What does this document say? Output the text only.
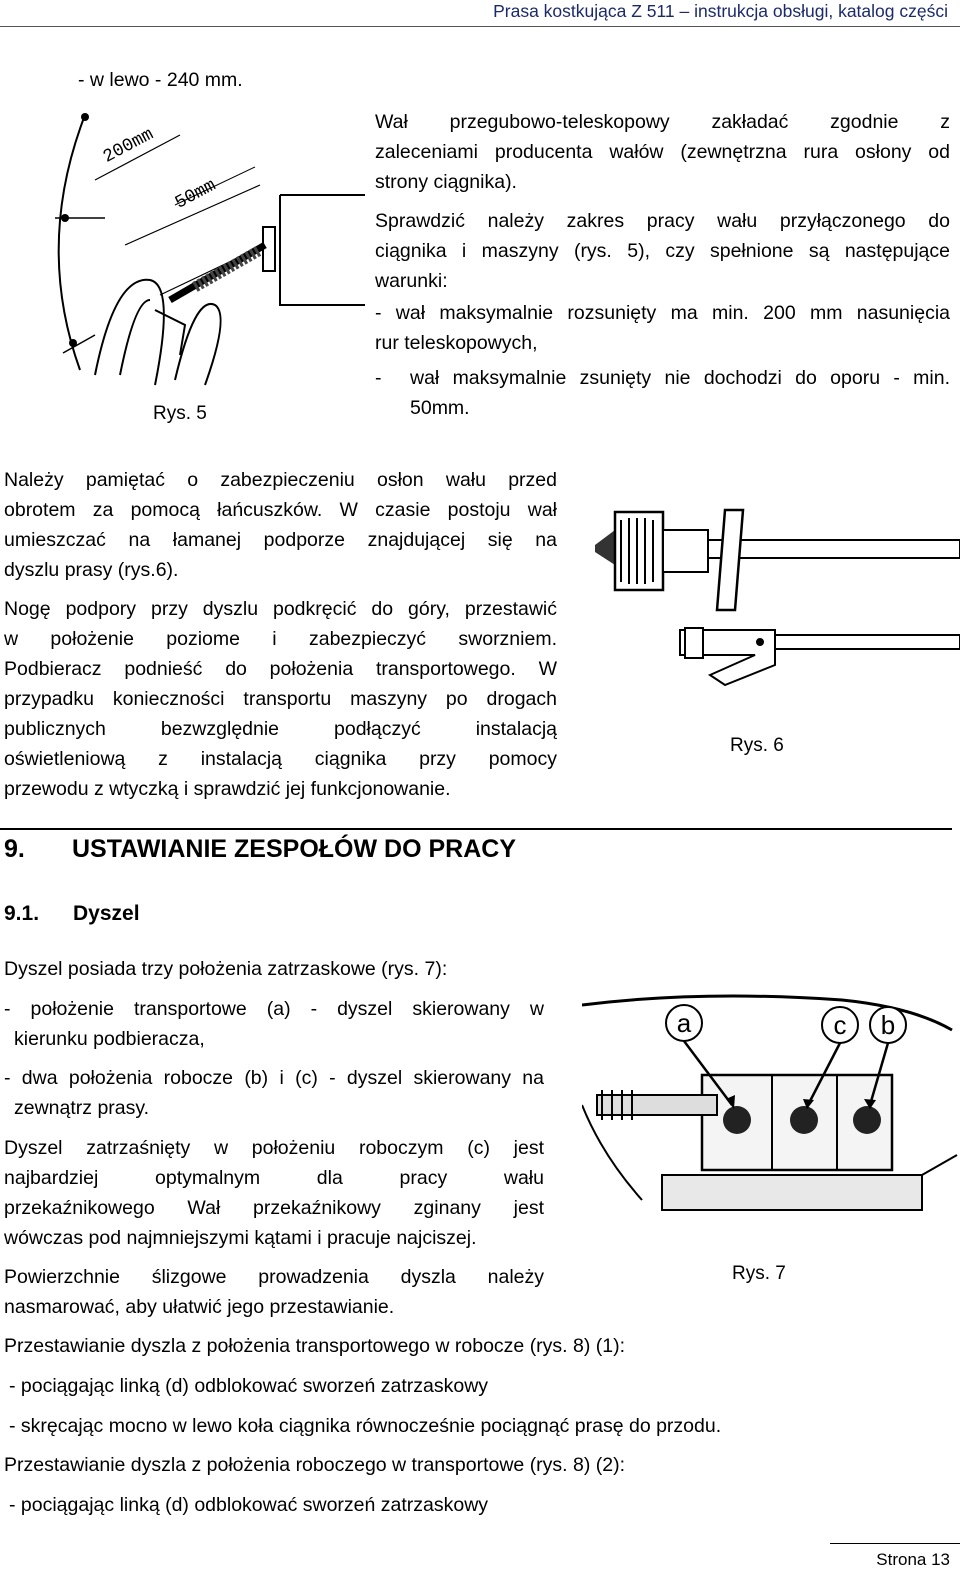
Prasa kostkująca Z 511 – instrukcja obsługi, katalog części

- w lewo - 240 mm.

200mm
50mm
Rys. 5
Wał przegubowo-teleskopowy zakładać zgodnie z
zaleceniami producenta wałów (zewnętrzna rura osłony od
strony ciągnika).
Sprawdzić należy zakres pracy wału przyłączonego do
ciągnika i maszyny (rys. 5), czy spełnione są następujące
warunki:
- wał maksymalnie rozsunięty ma min. 200 mm nasunięcia
rur teleskopowych,
- wał maksymalnie zsunięty nie dochodzi do oporu - min.
50mm.
Należy pamiętać o zabezpieczeniu osłon wału przed
obrotem za pomocą łańcuszków. W czasie postoju wał
umieszczać na łamanej podporze znajdującej się na
dyszlu prasy (rys.6).
Nogę podpory przy dyszlu podkręcić do góry, przestawić
w położenie poziome i zabezpieczyć sworzniem.
Podbieracz podnieść do położenia transportowego. W
przypadku konieczności transportu maszyny po drogach
publicznych bezwzględnie podłączyć instalacją
oświetleniową z instalacją ciągnika przy pomocy
przewodu z wtyczką i sprawdzić jej funkcjonowanie.
Rys. 6
9. USTAWIANIE ZESPOŁÓW DO PRACY
9.1. Dyszel

Dyszel posiada trzy położenia zatrzaskowe (rys. 7):

- położenie transportowe (a) - dyszel skierowany w
kierunku podbieracza,
- dwa położenia robocze (b) i (c) - dyszel skierowany na
zewnątrz prasy.
Dyszel zatrzaśnięty w położeniu roboczym (c) jest
najbardziej optymalnym dla pracy wału
przekaźnikowego Wał przekaźnikowy zginany jest
wówczas pod najmniejszymi kątami i pracuje najciszej.
Powierzchnie ślizgowe prowadzenia dyszla należy
nasmarować, aby ułatwić jego przestawianie.

Przestawianie dyszla z położenia transportowego w robocze (rys. 8) (1):

- pociągając linką (d) odblokować sworzeń zatrzaskowy

- skręcając mocno w lewo koła ciągnika równocześnie pociągnąć prasę do przodu.

Przestawianie dyszla z położenia roboczego w transportowe (rys. 8) (2):

- pociągając linką (d) odblokować sworzeń zatrzaskowy

a	c b
Rys. 7
Strona 13
